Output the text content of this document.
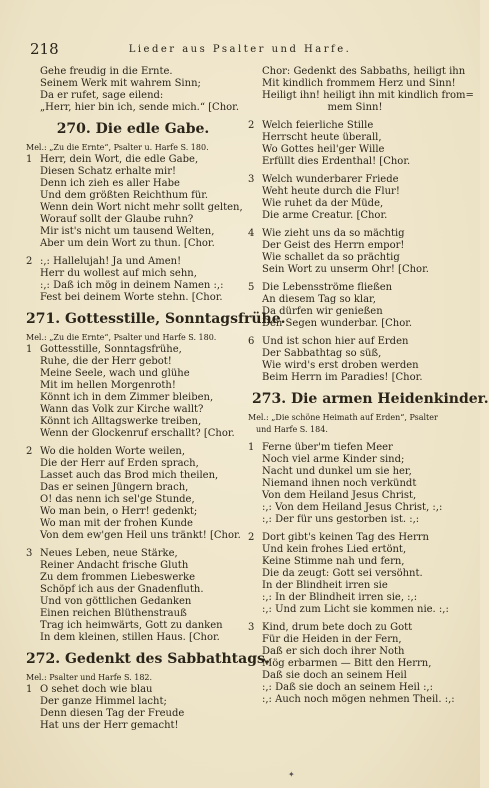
218	Lieder aus Psalter und Harfe.
Gehe freudig in die Ernte.
Seinem Werk mit wahrem Sinn;
Da er rufet, sage eilend:
„Herr, hier bin ich, sende mich.“ [Chor.
270. Die edle Gabe.
Mel.: „Zu die Ernte“, Psalter u. Harfe S. 180.
1 Herr, dein Wort, die edle Gabe,
Diesen Schatz erhalte mir!
Denn ich zieh es aller Habe
Und dem größten Reichthum für.
Wenn dein Wort nicht mehr sollt gelten,
Worauf sollt der Glaube ruhn?
Mir ist's nicht um tausend Welten,
Aber um dein Wort zu thun. [Chor.
2 :,: Hallelujah! Ja und Amen!
Herr du wollest auf mich sehn,
:,: Daß ich mög in deinem Namen :,:
Fest bei deinem Worte stehn. [Chor.
271. Gottesstille, Sonntagsfrühe.
Mel.: „Zu die Ernte“, Psalter und Harfe S. 180.
1 Gottesstille, Sonntagsfrühe,
Ruhe, die der Herr gebot!
Meine Seele, wach und glühe
Mit im hellen Morgenroth!
Könnt ich in dem Zimmer bleiben,
Wann das Volk zur Kirche wallt?
Könnt ich Alltagswerke treiben,
Wenn der Glockenruf erschallt? [Chor.
2 Wo die holden Worte weilen,
Die der Herr auf Erden sprach,
Lasset auch das Brod mich theilen,
Das er seinen Jüngern brach,
O! das nenn ich sel'ge Stunde,
Wo man bein, o Herr! gedenkt;
Wo man mit der frohen Kunde
Von dem ew'gen Heil uns tränkt! [Chor.
3 Neues Leben, neue Stärke,
Reiner Andacht frische Gluth
Zu dem frommen Liebeswerke
Schöpf ich aus der Gnadenfluth.
Und von göttlichen Gedanken
Einen reichen Blüthenstrauß
Trag ich heimwärts, Gott zu danken
In dem kleinen, stillen Haus. [Chor.
272. Gedenkt des Sabbathtags.
Mel.: Psalter und Harfe S. 182.
1 O sehet doch wie blau
Der ganze Himmel lacht;
Denn diesen Tag der Freude
Hat uns der Herr gemacht!
Chor: Gedenkt des Sabbaths, heiligt ihn
Mit kindlich frommem Herz und Sinn!
Heiligt ihn! heiligt ihn mit kindlich from=
mem Sinn!
2 Welch feierliche Stille
Herrscht heute überall,
Wo Gottes heil'ger Wille
Erfüllt dies Erdenthal! [Chor.
3 Welch wunderbarer Friede
Weht heute durch die Flur!
Wie ruhet da der Müde,
Die arme Creatur. [Chor.
4 Wie zieht uns da so mächtig
Der Geist des Herrn empor!
Wie schallet da so prächtig
Sein Wort zu unserm Ohr! [Chor.
5 Die Lebensströme fließen
An diesem Tag so klar,
Da dürfen wir genießen
Den Segen wunderbar. [Chor.
6 Und ist schon hier auf Erden
Der Sabbathtag so süß,
Wie wird's erst droben werden
Beim Herrn im Paradies! [Chor.
273. Die armen Heidenkinder.
Mel.: „Die schöne Heimath auf Erden“, Psalter
und Harfe S. 184.
1 Ferne über'm tiefen Meer
Noch viel arme Kinder sind;
Nacht und dunkel um sie her,
Niemand ihnen noch verkündt
Von dem Heiland Jesus Christ,
:,: Von dem Heiland Jesus Christ, :,:
:,: Der für uns gestorben ist. :,:
2 Dort gibt's keinen Tag des Herrn
Und kein frohes Lied ertönt,
Keine Stimme nah und fern,
Die da zeugt: Gott sei versöhnt.
In der Blindheit irren sie
:,: In der Blindheit irren sie, :,:
:,: Und zum Licht sie kommen nie. :,:
3 Kind, drum bete doch zu Gott
Für die Heiden in der Fern,
Daß er sich doch ihrer Noth
Mög erbarmen — Bitt den Herrn,
Daß sie doch an seinem Heil
:,: Daß sie doch an seinem Heil :,:
:,: Auch noch mögen nehmen Theil. :,:
✦
